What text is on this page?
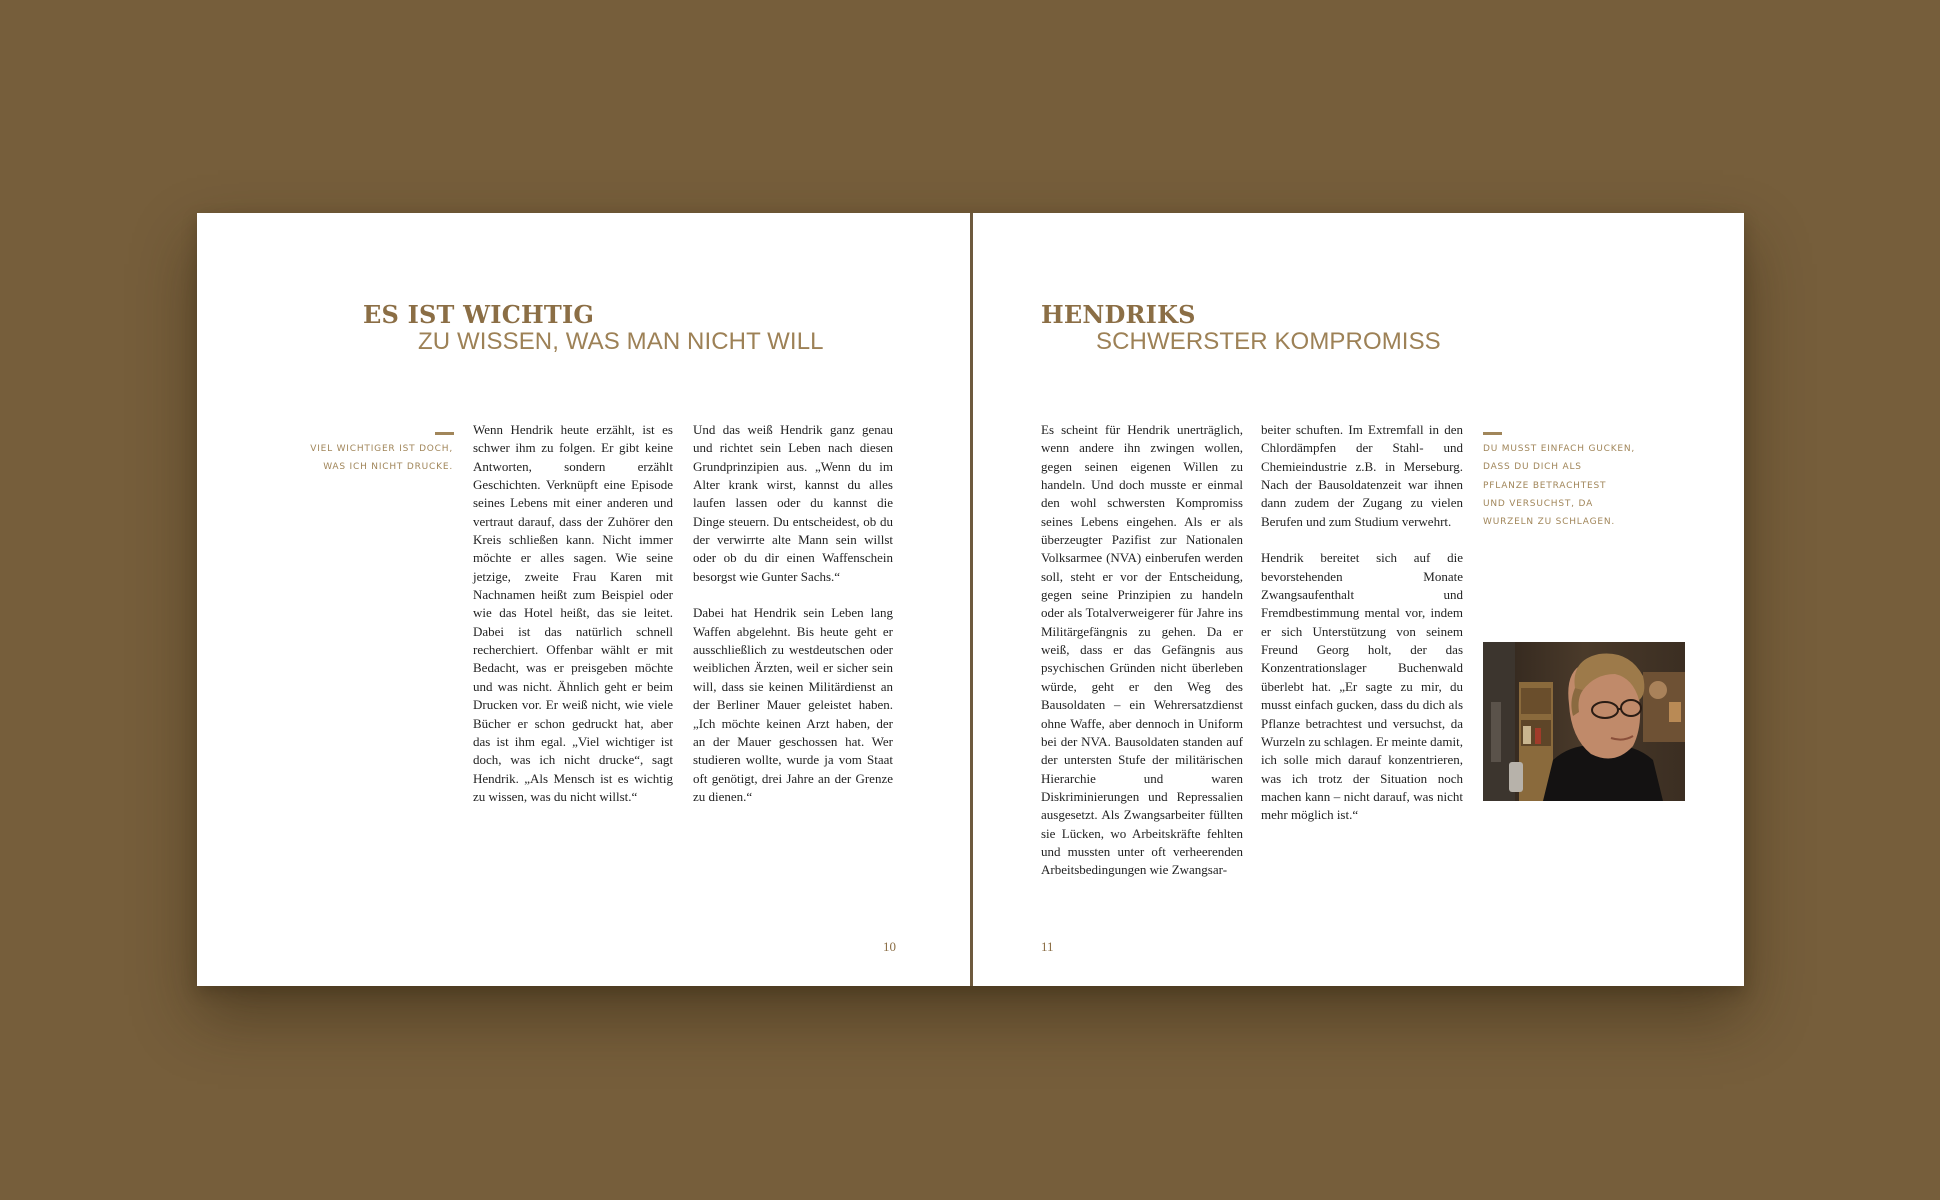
ES IST WICHTIG
ZU WISSEN, WAS MAN NICHT WILL
VIEL WICHTIGER IST DOCH,
WAS ICH NICHT DRUCKE.

Wenn Hendrik heute erzählt, ist es schwer ihm zu folgen. Er gibt keine Antworten, sondern erzählt Geschichten. Verknüpft eine Episode seines Lebens mit einer anderen und vertraut darauf, dass der Zuhörer den Kreis schließen kann. Nicht immer möchte er alles sagen. Wie seine jetzige, zweite Frau Karen mit Nachnamen heißt zum Beispiel oder wie das Hotel heißt, das sie leitet. Dabei ist das natürlich schnell recherchiert. Offenbar wählt er mit Bedacht, was er preisgeben möchte und was nicht. Ähnlich geht er beim Drucken vor. Er weiß nicht, wie viele Bücher er schon gedruckt hat, aber das ist ihm egal. „Viel wichtiger ist doch, was ich nicht drucke“, sagt Hendrik. „Als Mensch ist es wichtig zu wissen, was du nicht willst.“

Und das weiß Hendrik ganz genau und richtet sein Leben nach diesen Grundprinzipien aus. „Wenn du im Alter krank wirst, kannst du alles laufen lassen oder du kannst die Dinge steuern. Du entscheidest, ob du der verwirrte alte Mann sein willst oder ob du dir einen Waffenschein besorgst wie Gunter Sachs.“

Dabei hat Hendrik sein Leben lang Waffen abgelehnt. Bis heute geht er ausschließlich zu westdeutschen oder weiblichen Ärzten, weil er sicher sein will, dass sie keinen Militärdienst an der Berliner Mauer geleistet haben. „Ich möchte keinen Arzt haben, der an der Mauer geschossen hat. Wer studieren wollte, wurde ja vom Staat oft genötigt, drei Jahre an der Grenze zu dienen.“

10
HENDRIKS
SCHWERSTER KOMPROMISS

Es scheint für Hendrik unerträglich, wenn andere ihn zwingen wollen, gegen seinen eigenen Willen zu handeln. Und doch musste er einmal den wohl schwersten Kompromiss seines Lebens eingehen. Als er als überzeugter Pazifist zur Nationalen Volksarmee (NVA) einberufen werden soll, steht er vor der Entscheidung, gegen seine Prinzipien zu handeln oder als Totalverweigerer für Jahre ins Militärgefängnis zu gehen. Da er weiß, dass er das Gefängnis aus psychischen Gründen nicht überleben würde, geht er den Weg des Bausoldaten – ein Wehrersatzdienst ohne Waffe, aber dennoch in Uniform bei der NVA. Bausoldaten standen auf der untersten Stufe der militärischen Hierarchie und waren Diskriminierungen und Repressalien ausgesetzt. Als Zwangsarbeiter füllten sie Lücken, wo Arbeitskräfte fehlten und mussten unter oft verheerenden Arbeitsbedingungen wie Zwangsar-

beiter schuften. Im Extremfall in den Chlordämpfen der Stahl- und Chemieindustrie z.B. in Merseburg. Nach der Bausoldatenzeit war ihnen dann zudem der Zugang zu vielen Berufen und zum Studium verwehrt.

Hendrik bereitet sich auf die bevorstehenden Monate Zwangsaufenthalt und Fremdbestimmung mental vor, indem er sich Unterstützung von seinem Freund Georg holt, der das Konzentrationslager Buchenwald überlebt hat. „Er sagte zu mir, du musst einfach gucken, dass du dich als Pflanze betrachtest und versuchst, da Wurzeln zu schlagen. Er meinte damit, ich solle mich darauf konzentrieren, was ich trotz der Situation noch machen kann – nicht darauf, was nicht mehr möglich ist.“

DU MUSST EINFACH GUCKEN,
DASS DU DICH ALS
PFLANZE BETRACHTEST
UND VERSUCHST, DA
WURZELN ZU SCHLAGEN.
11
